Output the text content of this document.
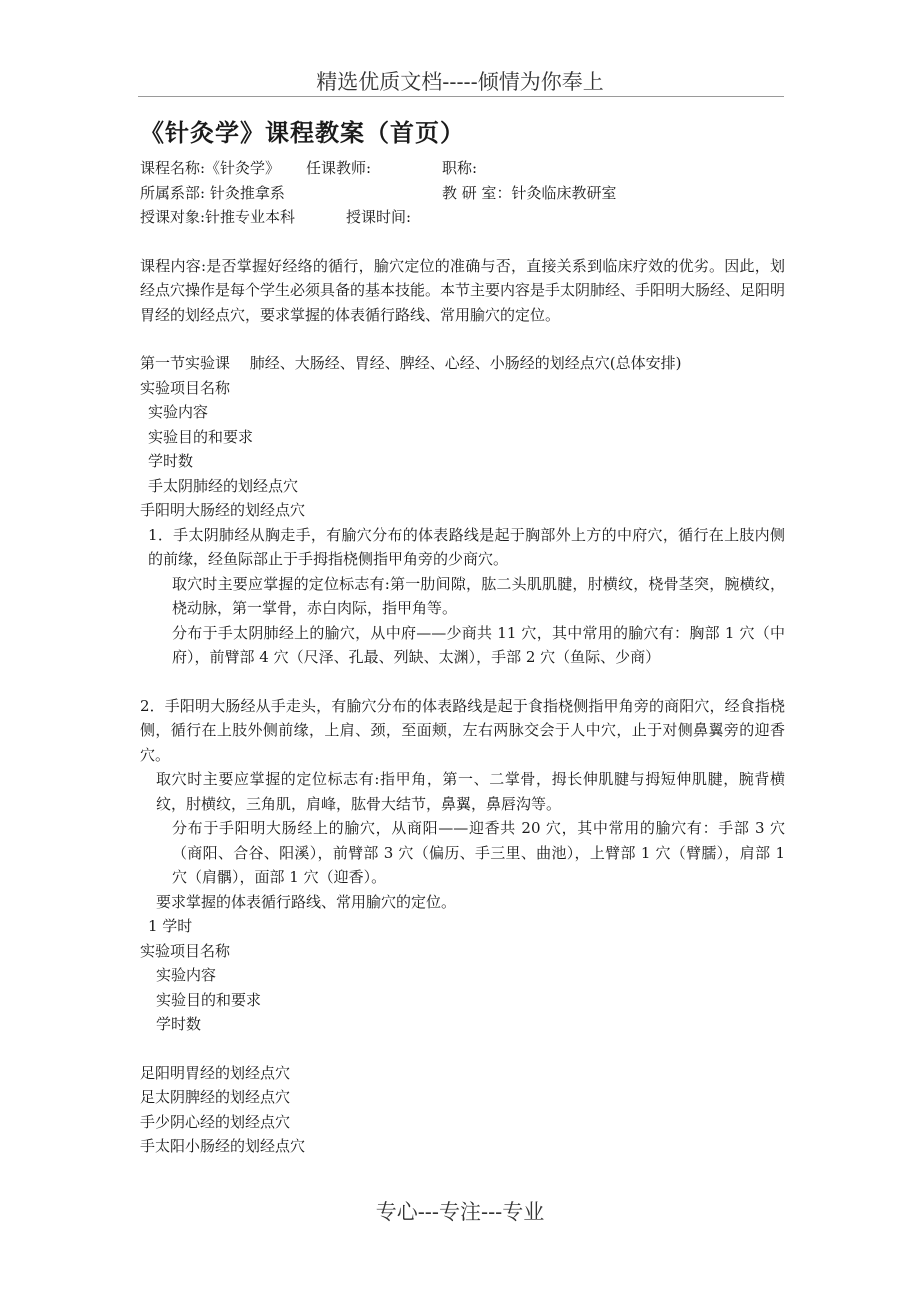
精选优质文档-----倾情为你奉上
《针灸学》课程教案（首页）
课程名称:《针灸学》	任课教师:	职称:
所属系部: 针灸推拿系	教 研 室：针灸临床教研室
授课对象:针推专业本科	授课时间:

课程内容:是否掌握好经络的循行，腧穴定位的准确与否，直接关系到临床疗效的优劣。因此，划经点穴操作是每个学生必须具备的基本技能。本节主要内容是手太阴肺经、手阳明大肠经、足阳明胃经的划经点穴，要求掌握的体表循行路线、常用腧穴的定位。

第一节实验课　 肺经、大肠经、胃经、脾经、心经、小肠经的划经点穴(总体安排)

实验项目名称

实验内容

实验目的和要求

学时数

手太阴肺经的划经点穴

手阳明大肠经的划经点穴

1．手太阴肺经从胸走手，有腧穴分布的体表路线是起于胸部外上方的中府穴，循行在上肢内侧的前缘，经鱼际部止于手拇指桡侧指甲角旁的少商穴。

取穴时主要应掌握的定位标志有:第一肋间隙，肱二头肌肌腱，肘横纹，桡骨茎突，腕横纹，桡动脉，第一掌骨，赤白肉际，指甲角等。

分布于手太阴肺经上的腧穴，从中府——少商共 11 穴，其中常用的腧穴有：胸部 1 穴（中府），前臂部 4 穴（尺泽、孔最、列缺、太渊），手部 2 穴（鱼际、少商）

2．手阳明大肠经从手走头，有腧穴分布的体表路线是起于食指桡侧指甲角旁的商阳穴，经食指桡侧，循行在上肢外侧前缘，上肩、颈，至面颊，左右两脉交会于人中穴，止于对侧鼻翼旁的迎香穴。

取穴时主要应掌握的定位标志有:指甲角，第一、二掌骨，拇长伸肌腱与拇短伸肌腱，腕背横纹，肘横纹，三角肌，肩峰，肱骨大结节，鼻翼，鼻唇沟等。

分布于手阳明大肠经上的腧穴，从商阳——迎香共 20 穴，其中常用的腧穴有：手部 3 穴（商阳、合谷、阳溪），前臂部 3 穴（偏历、手三里、曲池），上臂部 1 穴（臂臑），肩部 1 穴（肩髃），面部 1 穴（迎香）。

要求掌握的体表循行路线、常用腧穴的定位。

1 学时

实验项目名称

实验内容

实验目的和要求

学时数

足阳明胃经的划经点穴

足太阴脾经的划经点穴

手少阴心经的划经点穴

手太阳小肠经的划经点穴

专心---专注---专业
